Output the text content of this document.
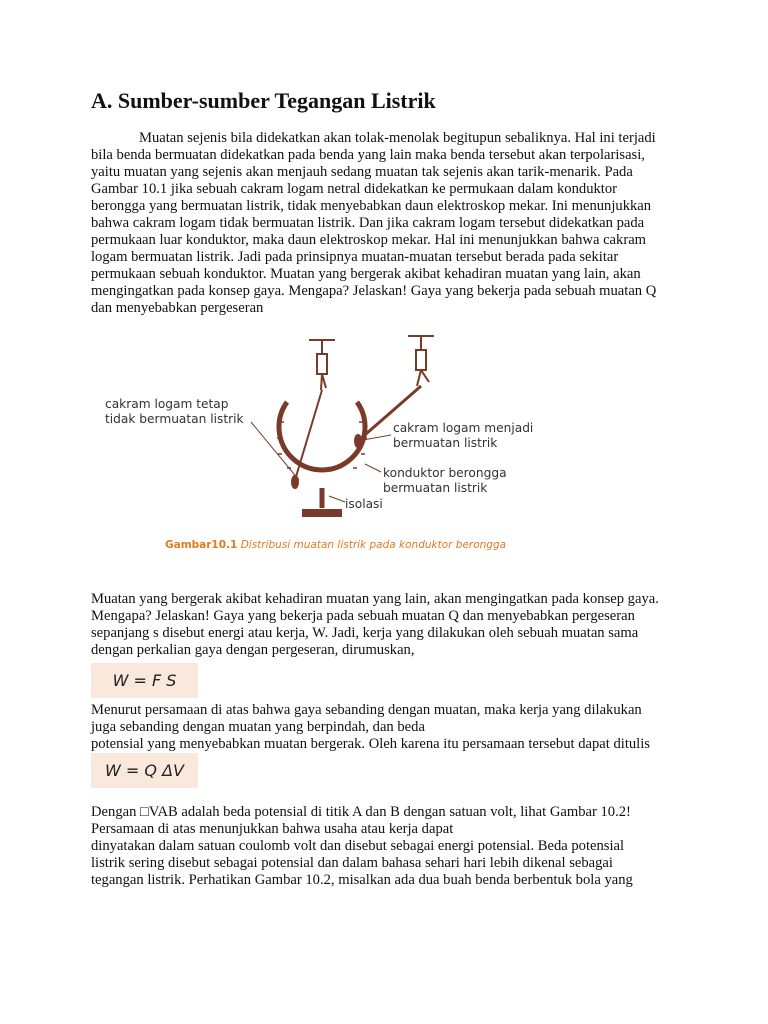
A. Sumber-sumber Tegangan Listrik
Muatan sejenis bila didekatkan akan tolak-menolak begitupun sebaliknya. Hal ini terjadi
bila benda bermuatan didekatkan pada benda yang lain maka benda tersebut akan terpolarisasi,
yaitu muatan yang sejenis akan menjauh sedang muatan tak sejenis akan tarik-menarik. Pada
Gambar 10.1 jika sebuah cakram logam netral didekatkan ke permukaan dalam konduktor
berongga yang bermuatan listrik, tidak menyebabkan daun elektroskop mekar. Ini menunjukkan
bahwa cakram logam tidak bermuatan listrik. Dan jika cakram logam tersebut didekatkan pada
permukaan luar konduktor, maka daun elektroskop mekar. Hal ini menunjukkan bahwa cakram
logam bermuatan listrik. Jadi pada prinsipnya muatan-muatan tersebut berada pada sekitar
permukaan sebuah konduktor. Muatan yang bergerak akibat kehadiran muatan yang lain, akan
mengingatkan pada konsep gaya. Mengapa? Jelaskan! Gaya yang bekerja pada sebuah muatan Q
dan menyebabkan pergeseran
cakram logam tetap
tidak bermuatan listrik
cakram logam menjadi
bermuatan listrik
konduktor berongga
bermuatan listrik
isolasi
Gambar10.1 Distribusi muatan listrik pada konduktor berongga
Muatan yang bergerak akibat kehadiran muatan yang lain, akan mengingatkan pada konsep gaya.
Mengapa? Jelaskan! Gaya yang bekerja pada sebuah muatan Q dan menyebabkan pergeseran
sepanjang s disebut energi atau kerja, W. Jadi, kerja yang dilakukan oleh sebuah muatan sama
dengan perkalian gaya dengan pergeseran, dirumuskan,
W = F S
Menurut persamaan di atas bahwa gaya sebanding dengan muatan, maka kerja yang dilakukan
juga sebanding dengan muatan yang berpindah, dan beda
potensial yang menyebabkan muatan bergerak. Oleh karena itu persamaan tersebut dapat ditulis
W = Q ΔV
Dengan □VAB adalah beda potensial di titik A dan B dengan satuan volt, lihat Gambar 10.2!
Persamaan di atas menunjukkan bahwa usaha atau kerja dapat
dinyatakan dalam satuan coulomb volt dan disebut sebagai energi potensial. Beda potensial
listrik sering disebut sebagai potensial dan dalam bahasa sehari hari lebih dikenal sebagai
tegangan listrik. Perhatikan Gambar 10.2, misalkan ada dua buah benda berbentuk bola yang
